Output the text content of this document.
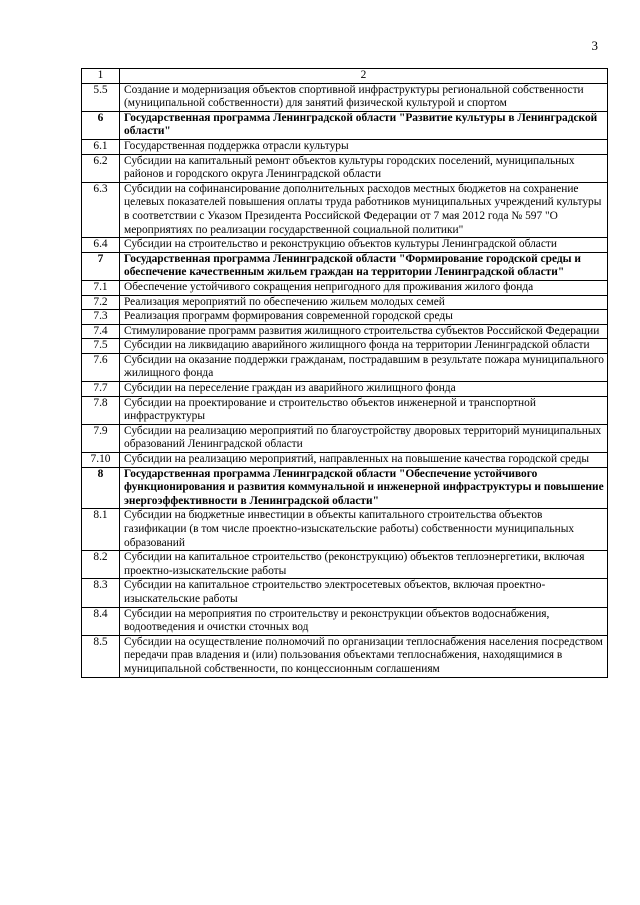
3
1	2
5.5	Создание и модернизация объектов спортивной инфраструктуры региональной собственности (муниципальной собственности) для занятий физической культурой и спортом
6	Государственная программа Ленинградской области "Развитие культуры в Ленинградской области"
6.1	Государственная поддержка отрасли культуры
6.2	Субсидии на капитальный ремонт объектов культуры городских поселений, муниципальных районов и городского округа Ленинградской области
6.3	Субсидии на софинансирование дополнительных расходов местных бюджетов на сохранение целевых показателей повышения оплаты труда работников муниципальных учреждений культуры в соответствии с Указом Президента Российской Федерации от 7 мая 2012 года № 597 "О мероприятиях по реализации государственной социальной политики"
6.4	Субсидии на строительство и реконструкцию объектов культуры Ленинградской области
7	Государственная программа Ленинградской области "Формирование городской среды и обеспечение качественным жильем граждан на территории Ленинградской области"
7.1	Обеспечение устойчивого сокращения непригодного для проживания жилого фонда
7.2	Реализация мероприятий по обеспечению жильем молодых семей
7.3	Реализация программ формирования современной городской среды
7.4	Стимулирование программ развития жилищного строительства субъектов Российской Федерации
7.5	Субсидии на ликвидацию аварийного жилищного фонда на территории Ленинградской области
7.6	Субсидии на оказание поддержки гражданам, пострадавшим в результате пожара муниципального жилищного фонда
7.7	Субсидии на переселение граждан из аварийного жилищного фонда
7.8	Субсидии на проектирование и строительство объектов инженерной и транспортной инфраструктуры
7.9	Субсидии на реализацию мероприятий по благоустройству дворовых территорий муниципальных образований Ленинградской области
7.10	Субсидии на реализацию мероприятий, направленных на повышение качества городской среды
8	Государственная программа Ленинградской области "Обеспечение устойчивого функционирования и развития коммунальной и инженерной инфраструктуры и повышение энергоэффективности в Ленинградской области"
8.1	Субсидии на бюджетные инвестиции в объекты капитального строительства объектов газификации (в том числе проектно-изыскательские работы) собственности муниципальных образований
8.2	Субсидии на капитальное строительство (реконструкцию) объектов теплоэнергетики, включая проектно-изыскательские работы
8.3	Субсидии на капитальное строительство электросетевых объектов, включая проектно-изыскательские работы
8.4	Субсидии на мероприятия по строительству и реконструкции объектов водоснабжения, водоотведения и очистки сточных вод
8.5	Субсидии на осуществление полномочий по организации теплоснабжения населения посредством передачи прав владения и (или) пользования объектами теплоснабжения, находящимися в муниципальной собственности, по концессионным соглашениям
